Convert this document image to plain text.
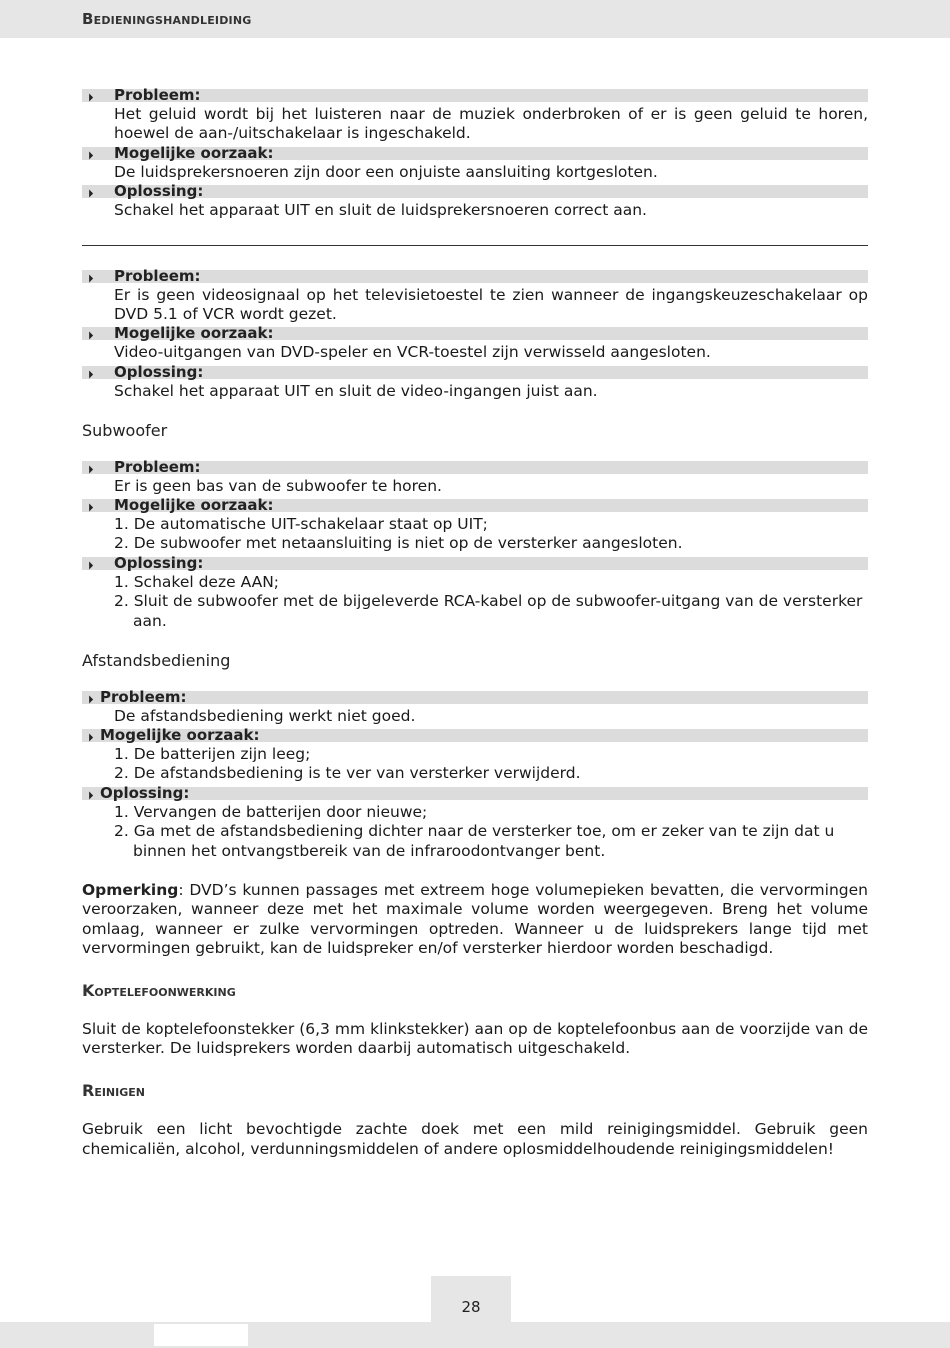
Bedieningshandleiding
⏵ Probleem:
Het geluid wordt bij het luisteren naar de muziek onderbroken of er is geen geluid te horen, hoewel de aan-/uitschakelaar is ingeschakeld.
⏵ Mogelijke oorzaak:
De luidsprekersnoeren zijn door een onjuiste aansluiting kortgesloten.
⏵ Oplossing:
Schakel het apparaat UIT en sluit de luidsprekersnoeren correct aan.
⏵ Probleem:
Er is geen videosignaal op het televisietoestel te zien wanneer de ingangskeuzeschakelaar op DVD 5.1 of VCR wordt gezet.
⏵ Mogelijke oorzaak:
Video-uitgangen van DVD-speler en VCR-toestel zijn verwisseld aangesloten.
⏵ Oplossing:
Schakel het apparaat UIT en sluit de video-ingangen juist aan.
Subwoofer
⏵ Probleem:
Er is geen bas van de subwoofer te horen.
⏵ Mogelijke oorzaak:
1. De automatische UIT-schakelaar staat op UIT;
2. De subwoofer met netaansluiting is niet op de versterker aangesloten.
⏵ Oplossing:
1. Schakel deze AAN;
2. Sluit de subwoofer met de bijgeleverde RCA-kabel op de subwoofer-uitgang van de versterker aan.
Afstandsbediening
⏵ Probleem:
De afstandsbediening werkt niet goed.
⏵ Mogelijke oorzaak:
1. De batterijen zijn leeg;
2. De afstandsbediening is te ver van versterker verwijderd.
⏵ Oplossing:
1. Vervangen de batterijen door nieuwe;
2. Ga met de afstandsbediening dichter naar de versterker toe, om er zeker van te zijn dat u binnen het ontvangstbereik van de infraroodontvanger bent.
Opmerking: DVD’s kunnen passages met extreem hoge volumepieken bevatten, die vervormingen veroorzaken, wanneer deze met het maximale volume worden weergegeven. Breng het volume omlaag, wanneer er zulke vervormingen optreden. Wanneer u de luidsprekers lange tijd met vervormingen gebruikt, kan de luidspreker en/of versterker hierdoor worden beschadigd.
Koptelefoonwerking
Sluit de koptelefoonstekker (6,3 mm klinkstekker) aan op de koptelefoonbus aan de voorzijde van de versterker. De luidsprekers worden daarbij automatisch uitgeschakeld.
Reinigen
Gebruik een licht bevochtigde zachte doek met een mild reinigingsmiddel. Gebruik geen chemicaliën, alcohol, verdunningsmiddelen of andere oplosmiddelhoudende reinigingsmiddelen!
28
